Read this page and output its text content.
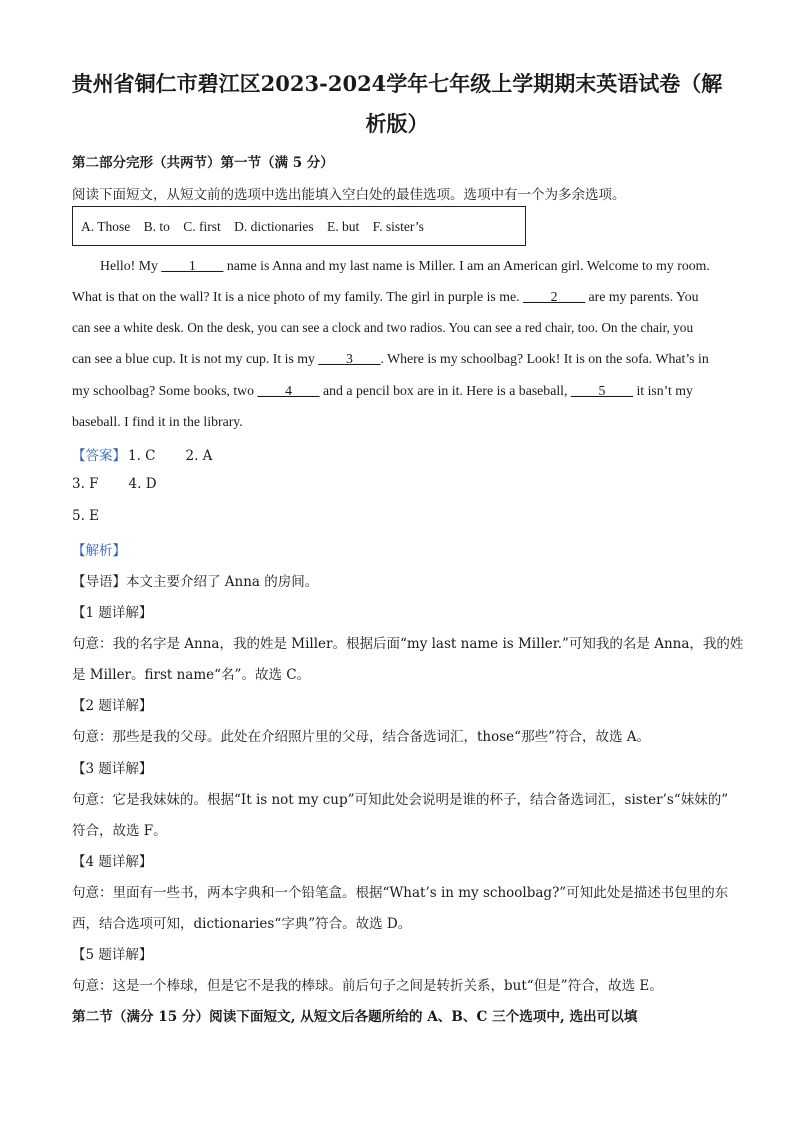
贵州省铜仁市碧江区2023-2024学年七年级上学期期末英语试卷（解
析版）
第二部分完形（共两节）第一节（满 5 分）
阅读下面短文，从短文前的选项中选出能填入空白处的最佳选项。选项中有一个为多余选项。
A. Those B. to C. first D. dictionaries E. but F. sister’s
Hello! My ____1____ name is Anna and my last name is Miller. I am an American girl. Welcome to my room.
What is that on the wall? It is a nice photo of my family. The girl in purple is me. ____2____ are my parents. You
can see a white desk. On the desk, you can see a clock and two radios. You can see a red chair, too. On the chair, you
can see a blue cup. It is not my cup. It is my ____3____. Where is my schoolbag? Look! It is on the sofa. What’s in
my schoolbag? Some books, two ____4____ and a pencil box are in it. Here is a baseball, ____5____ it isn’t my
baseball. I find it in the library.
【答案】 1. C 2. A
3. F 4. D
5. E
【解析】
【导语】本文主要介绍了 Anna 的房间。
【1 题详解】
句意：我的名字是 Anna，我的姓是 Miller。根据后面“my last name is Miller.”可知我的名是 Anna，我的姓
是 Miller。first name“名”。故选 C。
【2 题详解】
句意：那些是我的父母。此处在介绍照片里的父母，结合备选词汇，those“那些”符合，故选 A。
【3 题详解】
句意：它是我妹妹的。根据“It is not my cup”可知此处会说明是谁的杯子，结合备选词汇，sister’s“妹妹的”
符合，故选 F。
【4 题详解】
句意：里面有一些书，两本字典和一个铅笔盒。根据“What’s in my schoolbag?”可知此处是描述书包里的东
西，结合选项可知，dictionaries“字典”符合。故选 D。
【5 题详解】
句意：这是一个棒球，但是它不是我的棒球。前后句子之间是转折关系，but“但是”符合，故选 E。
第二节（满分 15 分）阅读下面短文, 从短文后各题所给的 A、B、C 三个选项中, 选出可以填
